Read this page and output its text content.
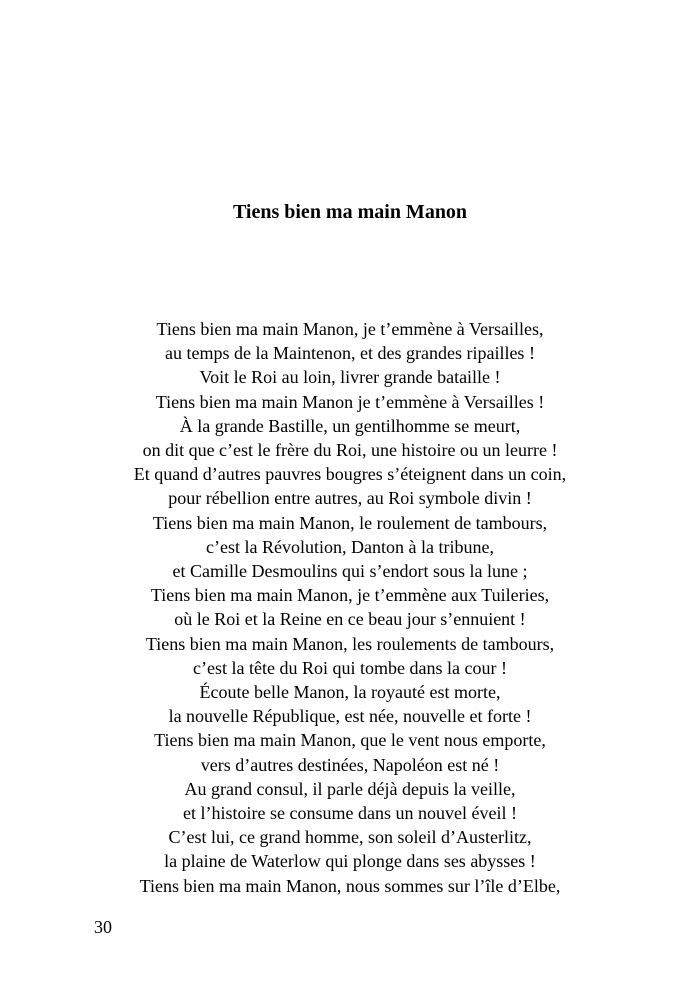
Tiens bien ma main Manon
Tiens bien ma main Manon, je t’emmène à Versailles,
au temps de la Maintenon, et des grandes ripailles !
Voit le Roi au loin, livrer grande bataille !
Tiens bien ma main Manon je t’emmène à Versailles !
À la grande Bastille, un gentilhomme se meurt,
on dit que c’est le frère du Roi, une histoire ou un leurre !
Et quand d’autres pauvres bougres s’éteignent dans un coin,
pour rébellion entre autres, au Roi symbole divin !
Tiens bien ma main Manon, le roulement de tambours,
c’est la Révolution, Danton à la tribune,
et Camille Desmoulins qui s’endort sous la lune ;
Tiens bien ma main Manon, je t’emmène aux Tuileries,
où le Roi et la Reine en ce beau jour s’ennuient !
Tiens bien ma main Manon, les roulements de tambours,
c’est la tête du Roi qui tombe dans la cour !
Écoute belle Manon, la royauté est morte,
la nouvelle République, est née, nouvelle et forte !
Tiens bien ma main Manon, que le vent nous emporte,
vers d’autres destinées, Napoléon est né !
Au grand consul, il parle déjà depuis la veille,
et l’histoire se consume dans un nouvel éveil !
C’est lui, ce grand homme, son soleil d’Austerlitz,
la plaine de Waterlow qui plonge dans ses abysses !
Tiens bien ma main Manon, nous sommes sur l’île d’Elbe,
30
